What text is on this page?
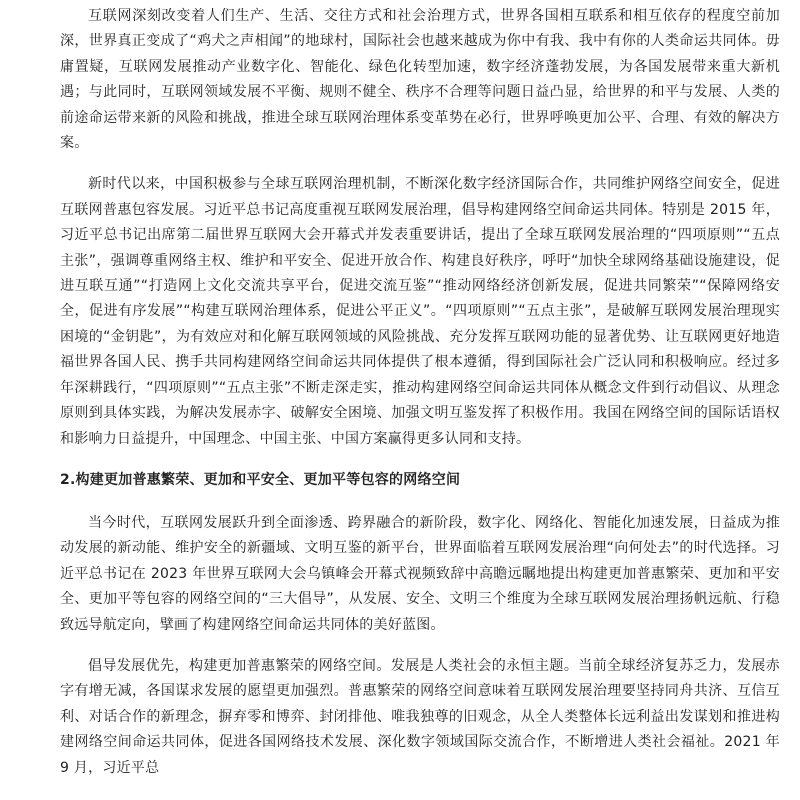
互联网深刻改变着人们生产、生活、交往方式和社会治理方式，世界各国相互联系和相互依存的程度空前加深，世界真正变成了“鸡犬之声相闻”的地球村，国际社会也越来越成为你中有我、我中有你的人类命运共同体。毋庸置疑，互联网发展推动产业数字化、智能化、绿色化转型加速，数字经济蓬勃发展，为各国发展带来重大新机遇；与此同时，互联网领域发展不平衡、规则不健全、秩序不合理等问题日益凸显，给世界的和平与发展、人类的前途命运带来新的风险和挑战，推进全球互联网治理体系变革势在必行，世界呼唤更加公平、合理、有效的解决方案。

新时代以来，中国积极参与全球互联网治理机制，不断深化数字经济国际合作，共同维护网络空间安全，促进互联网普惠包容发展。习近平总书记高度重视互联网发展治理，倡导构建网络空间命运共同体。特别是 2015 年，习近平总书记出席第二届世界互联网大会开幕式并发表重要讲话，提出了全球互联网发展治理的“四项原则”“五点主张”，强调尊重网络主权、维护和平安全、促进开放合作、构建良好秩序，呼吁“加快全球网络基础设施建设，促进互联互通”“打造网上文化交流共享平台，促进交流互鉴”“推动网络经济创新发展，促进共同繁荣”“保障网络安全，促进有序发展”“构建互联网治理体系，促进公平正义”。“四项原则”“五点主张”，是破解互联网发展治理现实困境的“金钥匙”，为有效应对和化解互联网领域的风险挑战、充分发挥互联网功能的显著优势、让互联网更好地造福世界各国人民、携手共同构建网络空间命运共同体提供了根本遵循，得到国际社会广泛认同和积极响应。经过多年深耕践行，“四项原则”“五点主张”不断走深走实，推动构建网络空间命运共同体从概念文件到行动倡议、从理念原则到具体实践，为解决发展赤字、破解安全困境、加强文明互鉴发挥了积极作用。我国在网络空间的国际话语权和影响力日益提升，中国理念、中国主张、中国方案赢得更多认同和支持。

2.构建更加普惠繁荣、更加和平安全、更加平等包容的网络空间

当今时代，互联网发展跃升到全面渗透、跨界融合的新阶段，数字化、网络化、智能化加速发展，日益成为推动发展的新动能、维护安全的新疆域、文明互鉴的新平台，世界面临着互联网发展治理“向何处去”的时代选择。习近平总书记在 2023 年世界互联网大会乌镇峰会开幕式视频致辞中高瞻远瞩地提出构建更加普惠繁荣、更加和平安全、更加平等包容的网络空间的“三大倡导”，从发展、安全、文明三个维度为全球互联网发展治理扬帆远航、行稳致远导航定向，擘画了构建网络空间命运共同体的美好蓝图。

倡导发展优先，构建更加普惠繁荣的网络空间。发展是人类社会的永恒主题。当前全球经济复苏乏力，发展赤字有增无减，各国谋求发展的愿望更加强烈。普惠繁荣的网络空间意味着互联网发展治理要坚持同舟共济、互信互利、对话合作的新理念，摒弃零和博弈、封闭排他、唯我独尊的旧观念，从全人类整体长远利益出发谋划和推进构建网络空间命运共同体，促进各国网络技术发展、深化数字领域国际交流合作，不断增进人类社会福祉。2021 年 9 月，习近平总
